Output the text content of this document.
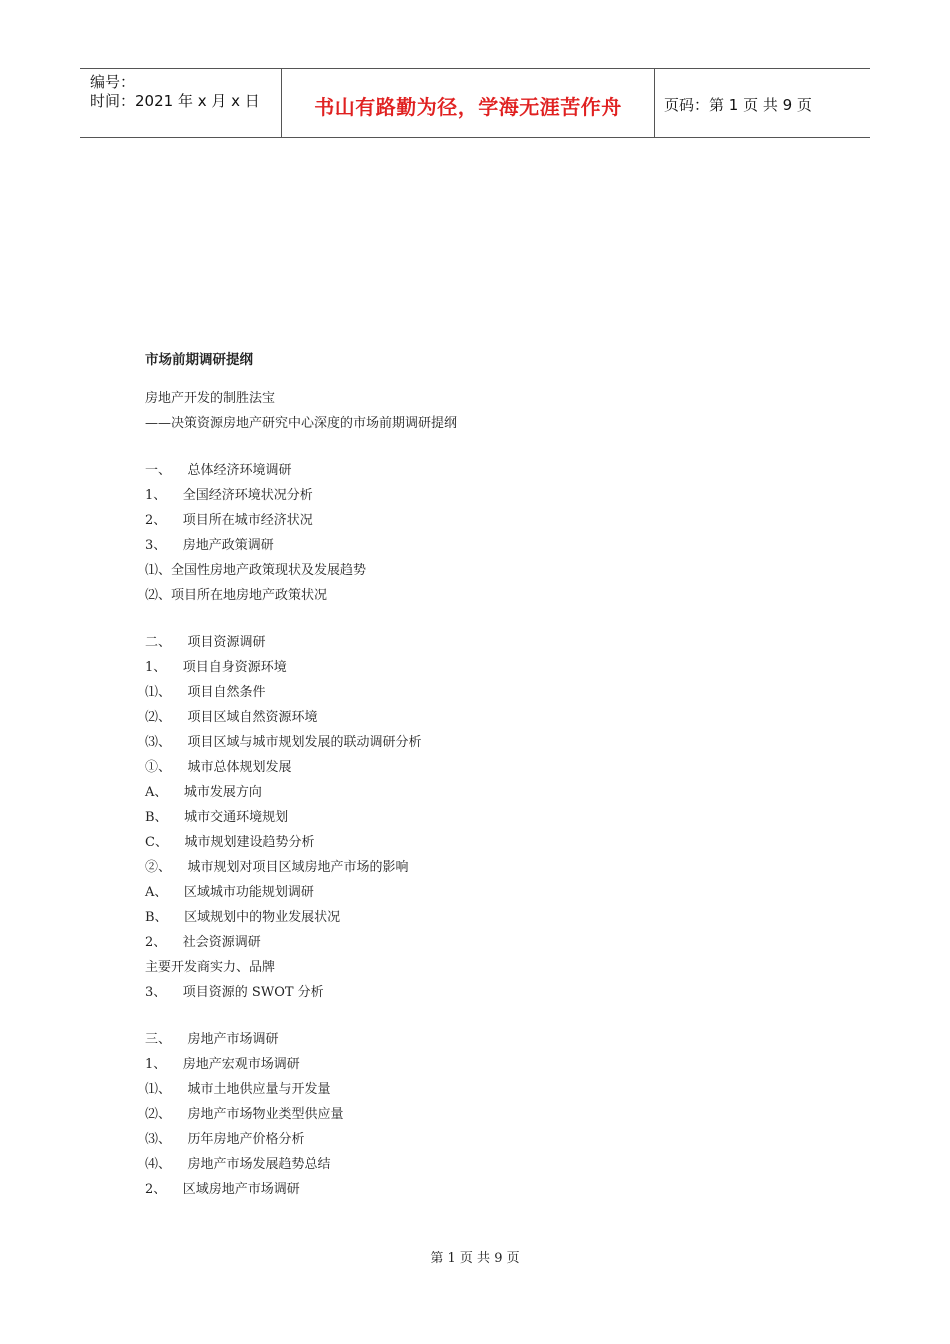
编号：
时间：2021 年 x 月 x 日	书山有路勤为径，学海无涯苦作舟	页码：第 1 页 共 9 页
市场前期调研提纲
房地产开发的制胜法宝
——决策资源房地产研究中心深度的市场前期调研提纲
一、    总体经济环境调研
1、    全国经济环境状况分析
2、    项目所在城市经济状况
3、    房地产政策调研
⑴、全国性房地产政策现状及发展趋势
⑵、项目所在地房地产政策状况
二、    项目资源调研
1、    项目自身资源环境
⑴、    项目自然条件
⑵、    项目区域自然资源环境
⑶、    项目区域与城市规划发展的联动调研分析
①、    城市总体规划发展
A、    城市发展方向
B、    城市交通环境规划
C、    城市规划建设趋势分析
②、    城市规划对项目区域房地产市场的影响
A、    区域城市功能规划调研
B、    区域规划中的物业发展状况
2、    社会资源调研
主要开发商实力、品牌
3、    项目资源的 SWOT 分析
三、    房地产市场调研
1、    房地产宏观市场调研
⑴、    城市土地供应量与开发量
⑵、    房地产市场物业类型供应量
⑶、    历年房地产价格分析
⑷、    房地产市场发展趋势总结
2、    区域房地产市场调研
第 1 页 共 9 页
